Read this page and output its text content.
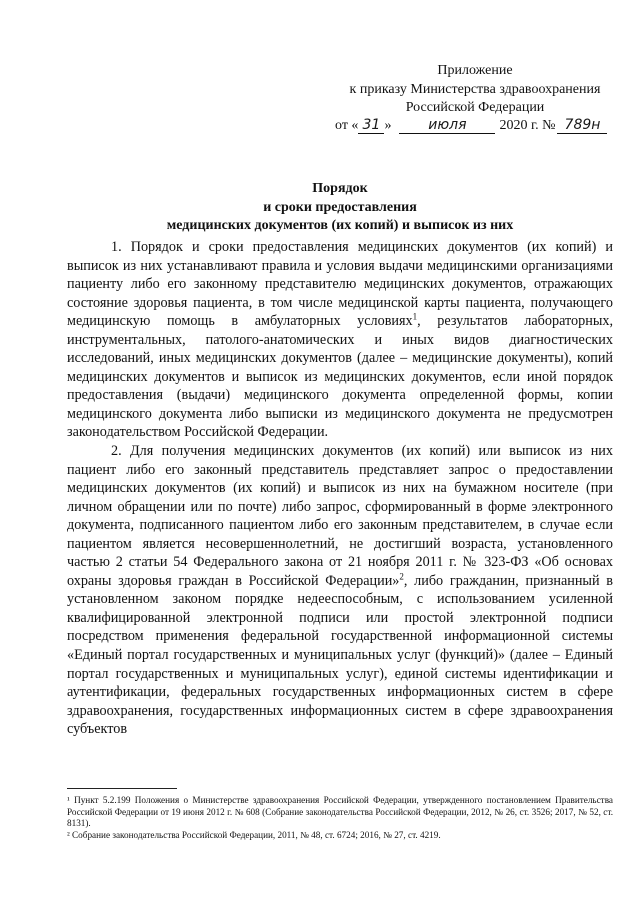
Приложение
к приказу Министерства здравоохранения
Российской Федерации
от « 31 »	июля 2020 г. № 789н
Порядок
и сроки предоставления
медицинских документов (их копий) и выписок из них

1. Порядок и сроки предоставления медицинских документов (их копий) и выписок из них устанавливают правила и условия выдачи медицинскими организациями пациенту либо его законному представителю медицинских документов, отражающих состояние здоровья пациента, в том числе медицинской карты пациента, получающего медицинскую помощь в амбулаторных условиях$^1$, результатов лабораторных, инструментальных, патолого-анатомических и иных видов диагностических исследований, иных медицинских документов (далее – медицинские документы), копий медицинских документов и выписок из медицинских документов, если иной порядок предоставления (выдачи) медицинского документа определенной формы, копии медицинского документа либо выписки из медицинского документа не предусмотрен законодательством Российской Федерации.

2. Для получения медицинских документов (их копий) или выписок из них пациент либо его законный представитель представляет запрос о предоставлении медицинских документов (их копий) и выписок из них на бумажном носителе (при личном обращении или по почте) либо запрос, сформированный в форме электронного документа, подписанного пациентом либо его законным представителем, в случае если пациентом является несовершеннолетний, не достигший возраста, установленного частью 2 статьи 54 Федерального закона от 21 ноября 2011 г. № 323-ФЗ «Об основах охраны здоровья граждан в Российской Федерации»$^2$, либо гражданин, признанный в установленном законом порядке недееспособным, с использованием усиленной квалифицированной электронной подписи или простой электронной подписи посредством применения федеральной государственной информационной системы «Единый портал государственных и муниципальных услуг (функций)» (далее – Единый портал государственных и муниципальных услуг), единой системы идентификации и аутентификации, федеральных государственных информационных систем в сфере здравоохранения, государственных информационных систем в сфере здравоохранения субъектов

¹ Пункт 5.2.199 Положения о Министерстве здравоохранения Российской Федерации, утвержденного постановлением Правительства Российской Федерации от 19 июня 2012 г. № 608 (Собрание законодательства Российской Федерации, 2012, № 26, ст. 3526; 2017, № 52, ст. 8131).

² Собрание законодательства Российской Федерации, 2011, № 48, ст. 6724; 2016, № 27, ст. 4219.
